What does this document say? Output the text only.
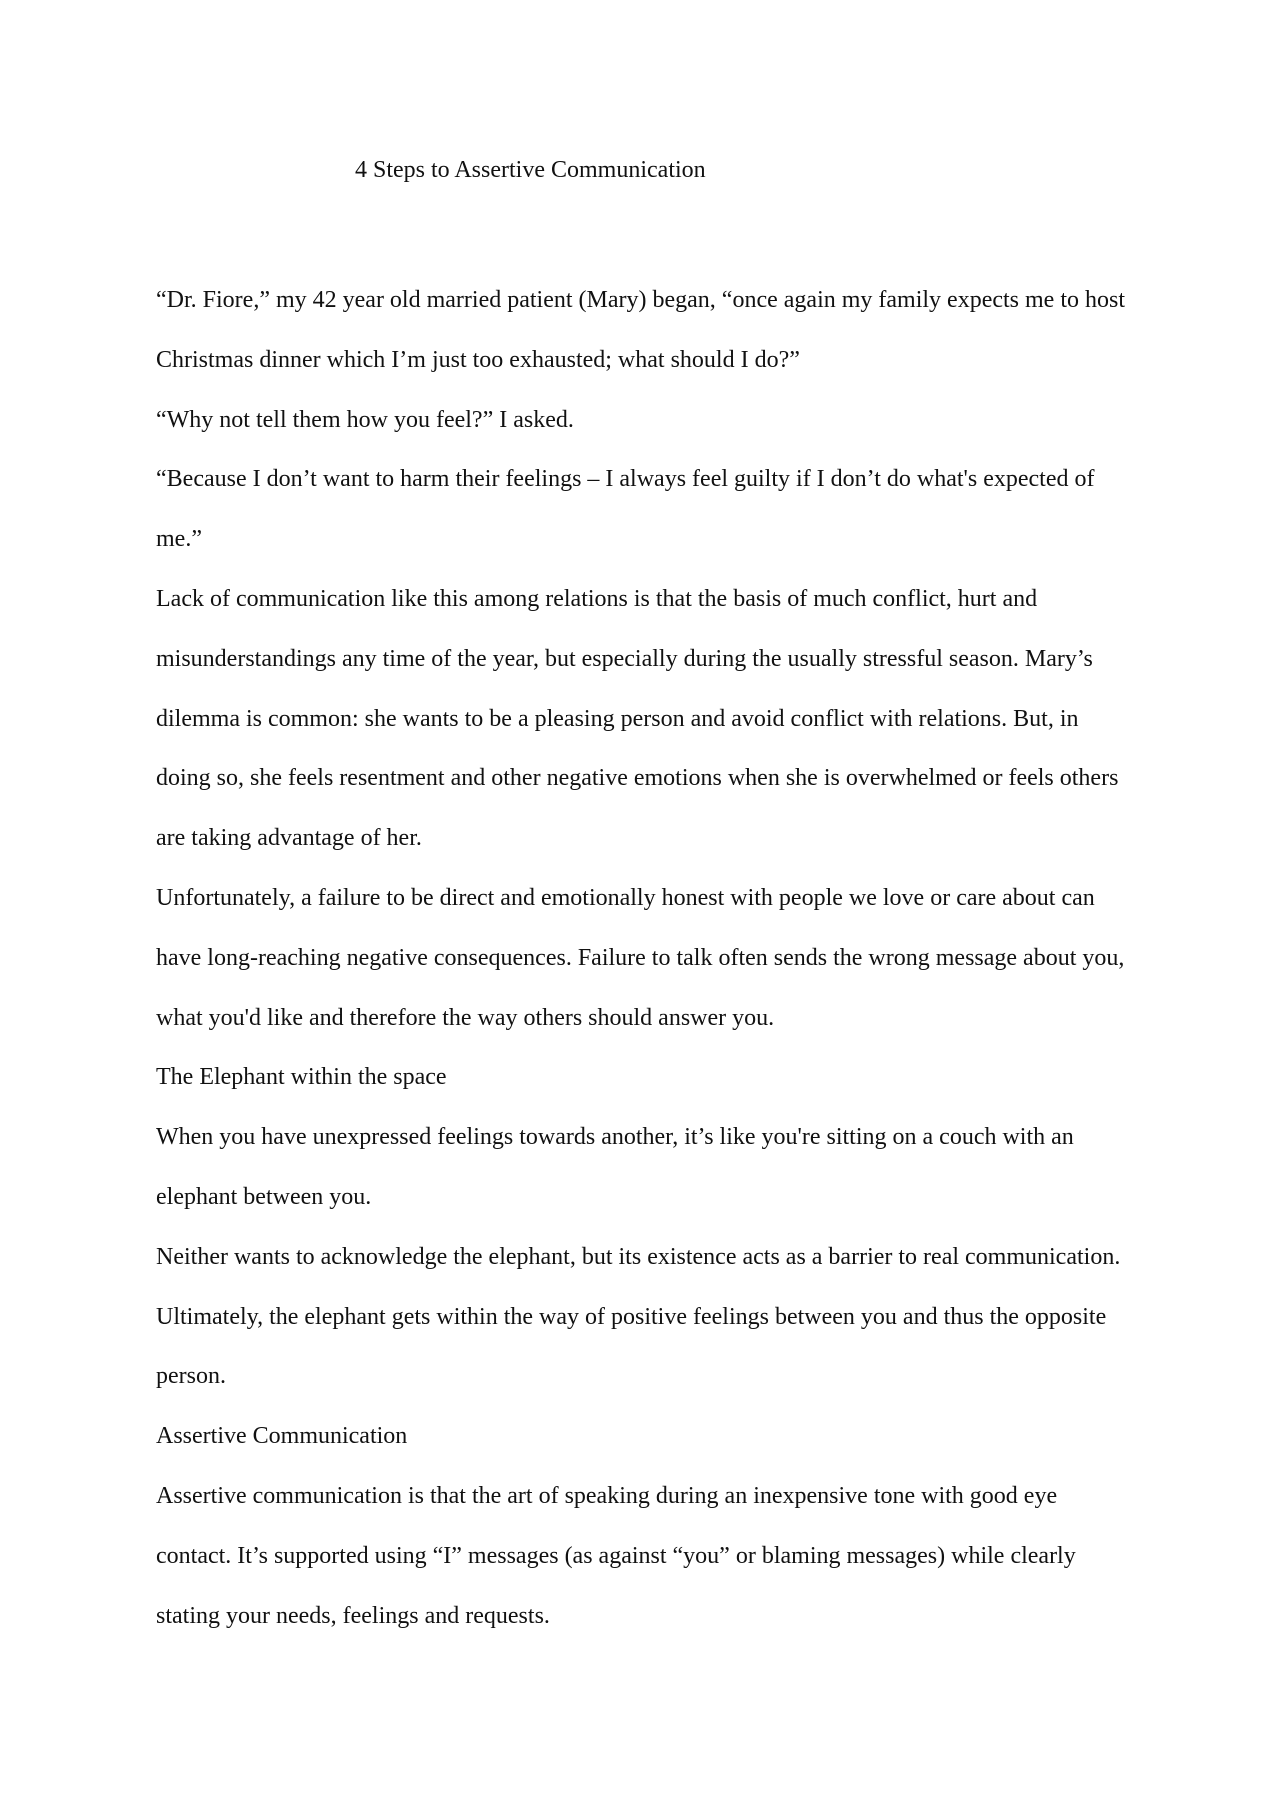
4 Steps to Assertive Communication

“Dr. Fiore,” my 42 year old married patient (Mary) began, “once again my family expects me to host Christmas dinner which I’m just too exhausted; what should I do?”

“Why not tell them how you feel?” I asked.

“Because I don’t want to harm their feelings – I always feel guilty if I don’t do what's expected of me.”

Lack of communication like this among relations is that the basis of much conflict, hurt and misunderstandings any time of the year, but especially during the usually stressful season. Mary’s dilemma is common: she wants to be a pleasing person and avoid conflict with relations. But, in doing so, she feels resentment and other negative emotions when she is overwhelmed or feels others are taking advantage of her.

Unfortunately, a failure to be direct and emotionally honest with people we love or care about can have long-reaching negative consequences. Failure to talk often sends the wrong message about you, what you'd like and therefore the way others should answer you.

The Elephant within the space

When you have unexpressed feelings towards another, it’s like you're sitting on a couch with an elephant between you.

Neither wants to acknowledge the elephant, but its existence acts as a barrier to real communication. Ultimately, the elephant gets within the way of positive feelings between you and thus the opposite person.

Assertive Communication

Assertive communication is that the art of speaking during an inexpensive tone with good eye contact. It’s supported using “I” messages (as against “you” or blaming messages) while clearly stating your needs, feelings and requests.
